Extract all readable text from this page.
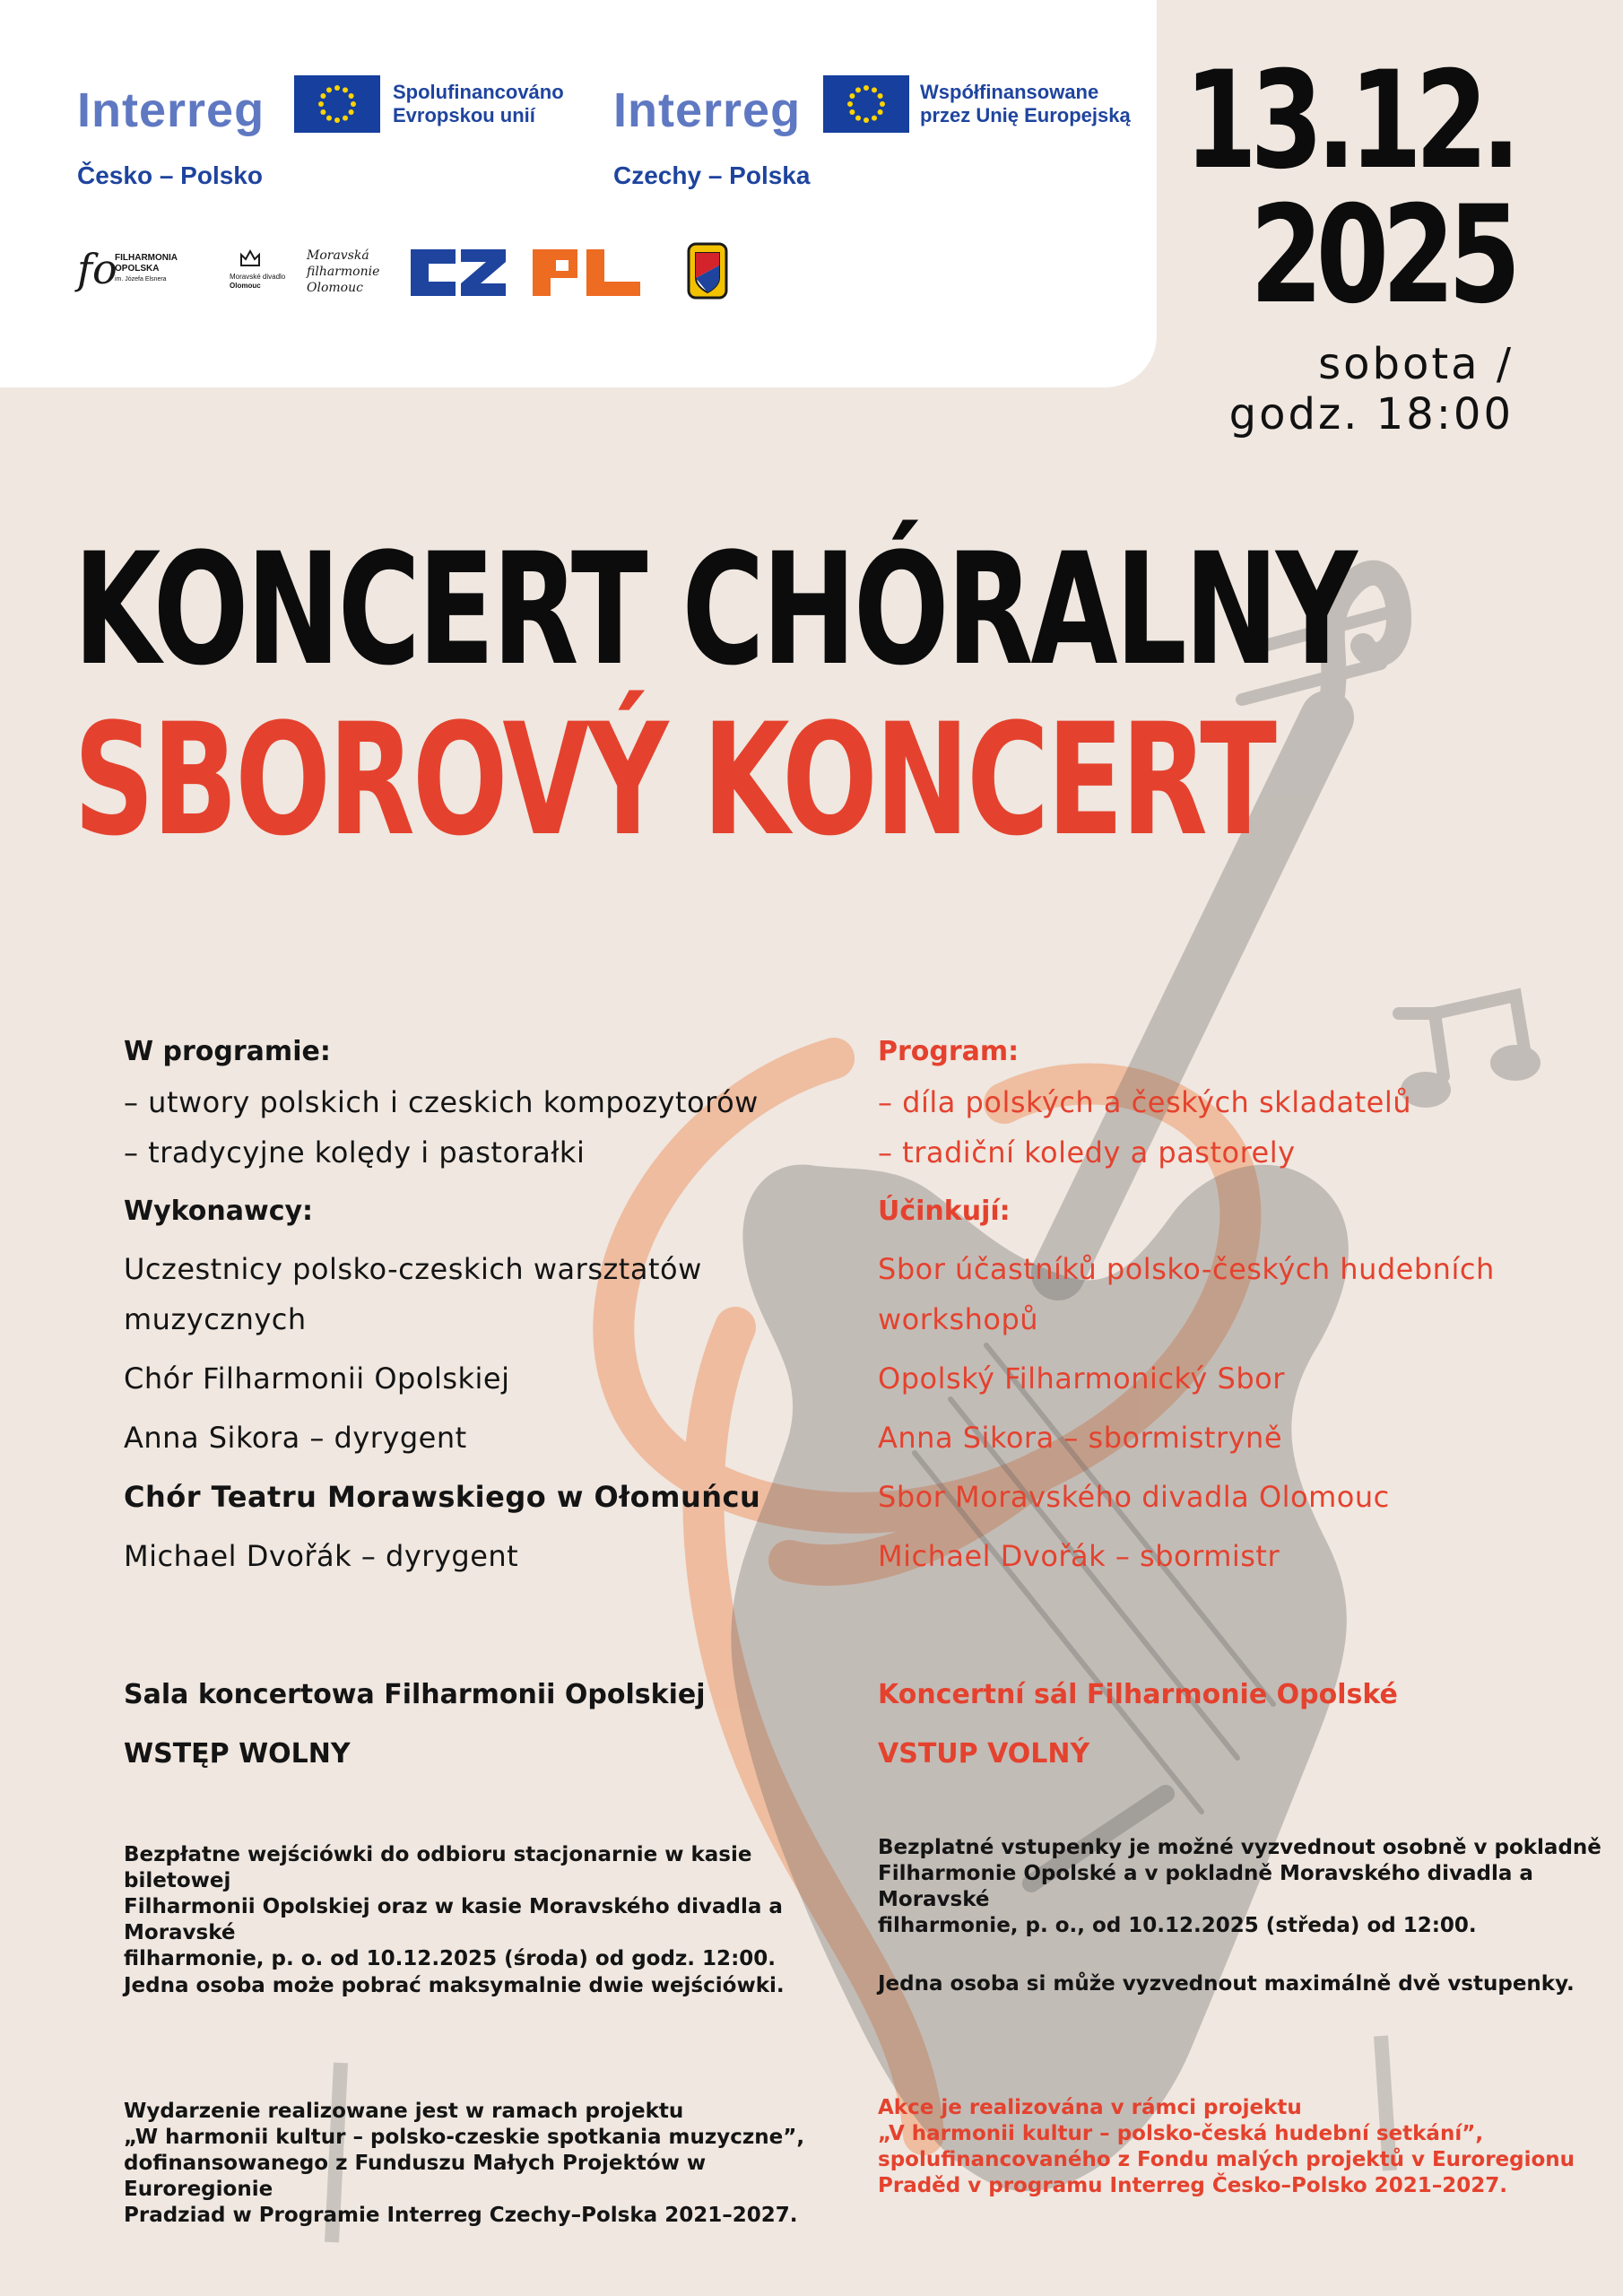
Interreg	Spolufinancováno
Evropskou unií
Česko – Polsko
Interreg	Współfinansowane
przez Unię Europejską
Czechy – Polska
fo
FILHARMONIA
OPOLSKA
im. Józefa Elsnera	Moravské divadlo
Olomouc
Moravská
filharmonie
Olomouc
13.12.
2025
sobota /
godz. 18:00
KONCERT CHÓRALNY
SBOROVÝ KONCERT
W programie:
– utwory polskich i czeskich kompozytorów
– tradycyjne kolędy i pastorałki
Wykonawcy:
Uczestnicy polsko-czeskich warsztatów
muzycznych
Chór Filharmonii Opolskiej
Anna Sikora – dyrygent
Chór Teatru Morawskiego w Ołomuńcu
Michael Dvořák – dyrygent
Sala koncertowa Filharmonii Opolskiej
WSTĘP WOLNY
Bezpłatne wejściówki do odbioru stacjonarnie w kasie biletowej
Filharmonii Opolskiej oraz w kasie Moravského divadla a Moravské
filharmonie, p. o. od 10.12.2025 (środa) od godz. 12:00.
Jedna osoba może pobrać maksymalnie dwie wejściówki.
Wydarzenie realizowane jest w ramach projektu
„W harmonii kultur – polsko-czeskie spotkania muzyczne”,
dofinansowanego z Funduszu Małych Projektów w Euroregionie
Pradziad w Programie Interreg Czechy–Polska 2021–2027.
Program:
– díla polských a českých skladatelů
– tradiční koledy a pastorely
Účinkují:
Sbor účastníků polsko-českých hudebních
workshopů
Opolský Filharmonický Sbor
Anna Sikora – sbormistryně
Sbor Moravského divadla Olomouc
Michael Dvořák – sbormistr
Koncertní sál Filharmonie Opolské
VSTUP VOLNÝ
Bezplatné vstupenky je možné vyzvednout osobně v pokladně
Filharmonie Opolské a v pokladně Moravského divadla a Moravské
filharmonie, p. o., od 10.12.2025 (středa) od 12:00.
Jedna osoba si může vyzvednout maximálně dvě vstupenky.
Akce je realizována v rámci projektu
„V harmonii kultur – polsko-česká hudební setkání”,
spolufinancovaného z Fondu malých projektů v Euroregionu
Praděd v programu Interreg Česko–Polsko 2021–2027.
